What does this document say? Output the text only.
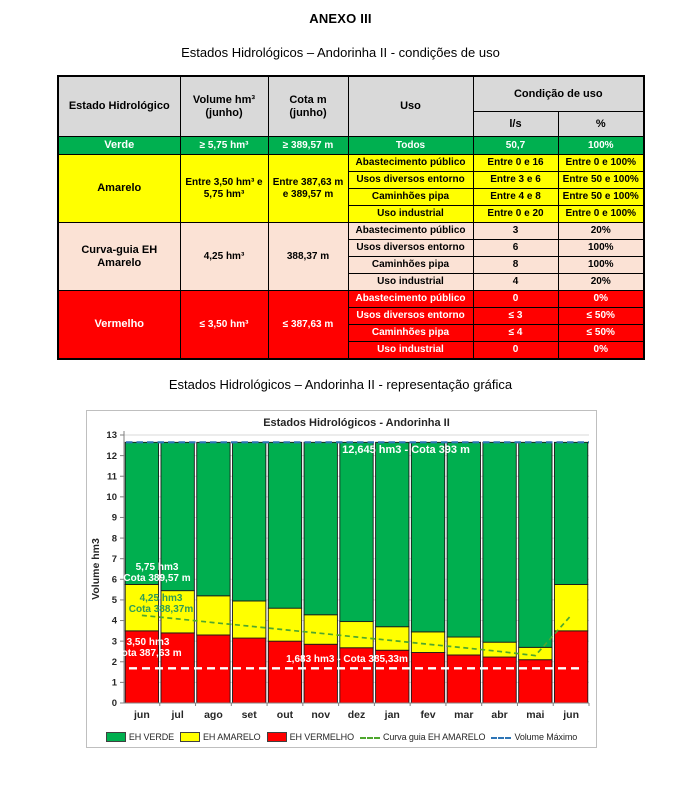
ANEXO III
Estados Hidrológicos – Andorinha II - condições de uso
Estado Hidrológico	Volume hm³ (junho)	Cota m (junho)	Uso	Condição de uso	
				l/s	%
Verde	≥ 5,75 hm³	≥ 389,57 m	Todos	50,7	100%
Amarelo	Entre 3,50 hm³ e 5,75 hm³	Entre 387,63 m e 389,57 m	Abastecimento público	Entre 0 e 16	Entre 0 e 100%
			Usos diversos entorno	Entre 3 e 6	Entre 50 e 100%
			Caminhões pipa	Entre 4 e 8	Entre 50 e 100%
			Uso industrial	Entre 0 e 20	Entre 0 e 100%
Curva-guia EH Amarelo	4,25 hm³	388,37 m	Abastecimento público	3	20%
			Usos diversos entorno	6	100%
			Caminhões pipa	8	100%
			Uso industrial	4	20%
Vermelho	≤ 3,50 hm³	≤ 387,63 m	Abastecimento público	0	0%
			Usos diversos entorno	≤ 3	≤ 50%
			Caminhões pipa	≤ 4	≤ 50%
			Uso industrial	0	0%
Estados Hidrológicos – Andorinha II - representação gráfica
0
1
2
3
4
5
6
7
8
9
10
11
12
13
jun jul ago set out nov dez jan fev mar abr mai jun
Estados Hidrológicos - Andorinha II
Volume hm3
12,645 hm3 - Cota 393 m
5,75 hm3 Cota 389,57 m
4,25 hm3 Cota 388,37m
3,50 hm3 Cota 387,63 m
1,683 hm3 - Cota 385,33m
EH VERDE	EH AMARELO	EH VERMELHO	Curva guia EH AMARELO	Volume Máximo
